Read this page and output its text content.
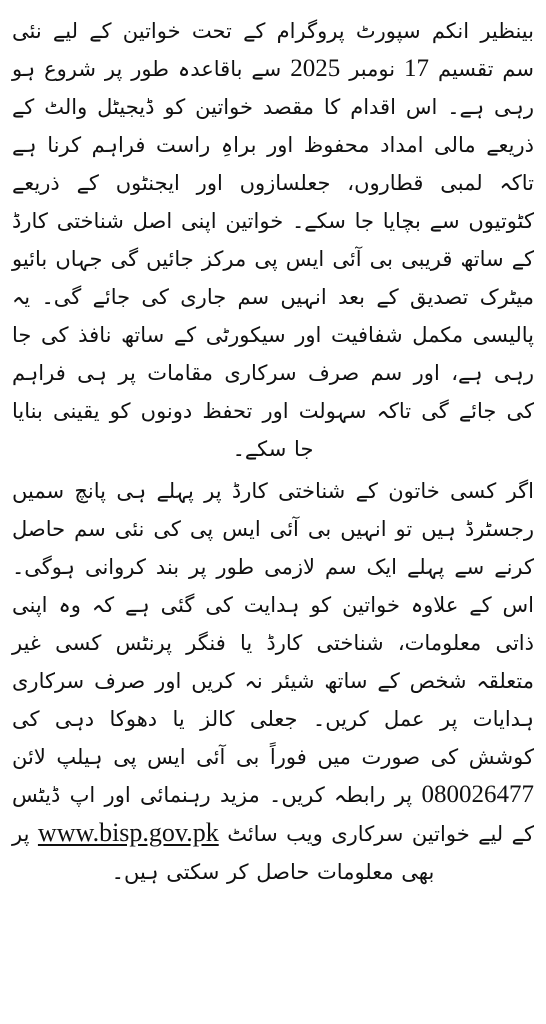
بینظیر انکم سپورٹ پروگرام کے تحت خواتین کے لیے نئی سم تقسیم 17 نومبر 2025 سے باقاعدہ طور پر شروع ہو رہی ہے۔ اس اقدام کا مقصد خواتین کو ڈیجیٹل والٹ کے ذریعے مالی امداد محفوظ اور براہِ راست فراہم کرنا ہے تاکہ لمبی قطاروں، جعلسازوں اور ایجنٹوں کے ذریعے کٹوتیوں سے بچایا جا سکے۔ خواتین اپنی اصل شناختی کارڈ کے ساتھ قریبی بی آئی ایس پی مرکز جائیں گی جہاں بائیو میٹرک تصدیق کے بعد انہیں سم جاری کی جائے گی۔ یہ پالیسی مکمل شفافیت اور سیکورٹی کے ساتھ نافذ کی جا رہی ہے، اور سم صرف سرکاری مقامات پر ہی فراہم کی جائے گی تاکہ سہولت اور تحفظ دونوں کو یقینی بنایا جا سکے۔

اگر کسی خاتون کے شناختی کارڈ پر پہلے ہی پانچ سمیں رجسٹرڈ ہیں تو انہیں بی آئی ایس پی کی نئی سم حاصل کرنے سے پہلے ایک سم لازمی طور پر بند کروانی ہوگی۔ اس کے علاوہ خواتین کو ہدایت کی گئی ہے کہ وہ اپنی ذاتی معلومات، شناختی کارڈ یا فنگر پرنٹس کسی غیر متعلقہ شخص کے ساتھ شیئر نہ کریں اور صرف سرکاری ہدایات پر عمل کریں۔ جعلی کالز یا دھوکا دہی کی کوشش کی صورت میں فوراً بی آئی ایس پی ہیلپ لائن 080026477 پر رابطہ کریں۔ مزید رہنمائی اور اپ ڈیٹس کے لیے خواتین سرکاری ویب سائٹ www.bisp.gov.pk پر بھی معلومات حاصل کر سکتی ہیں۔
